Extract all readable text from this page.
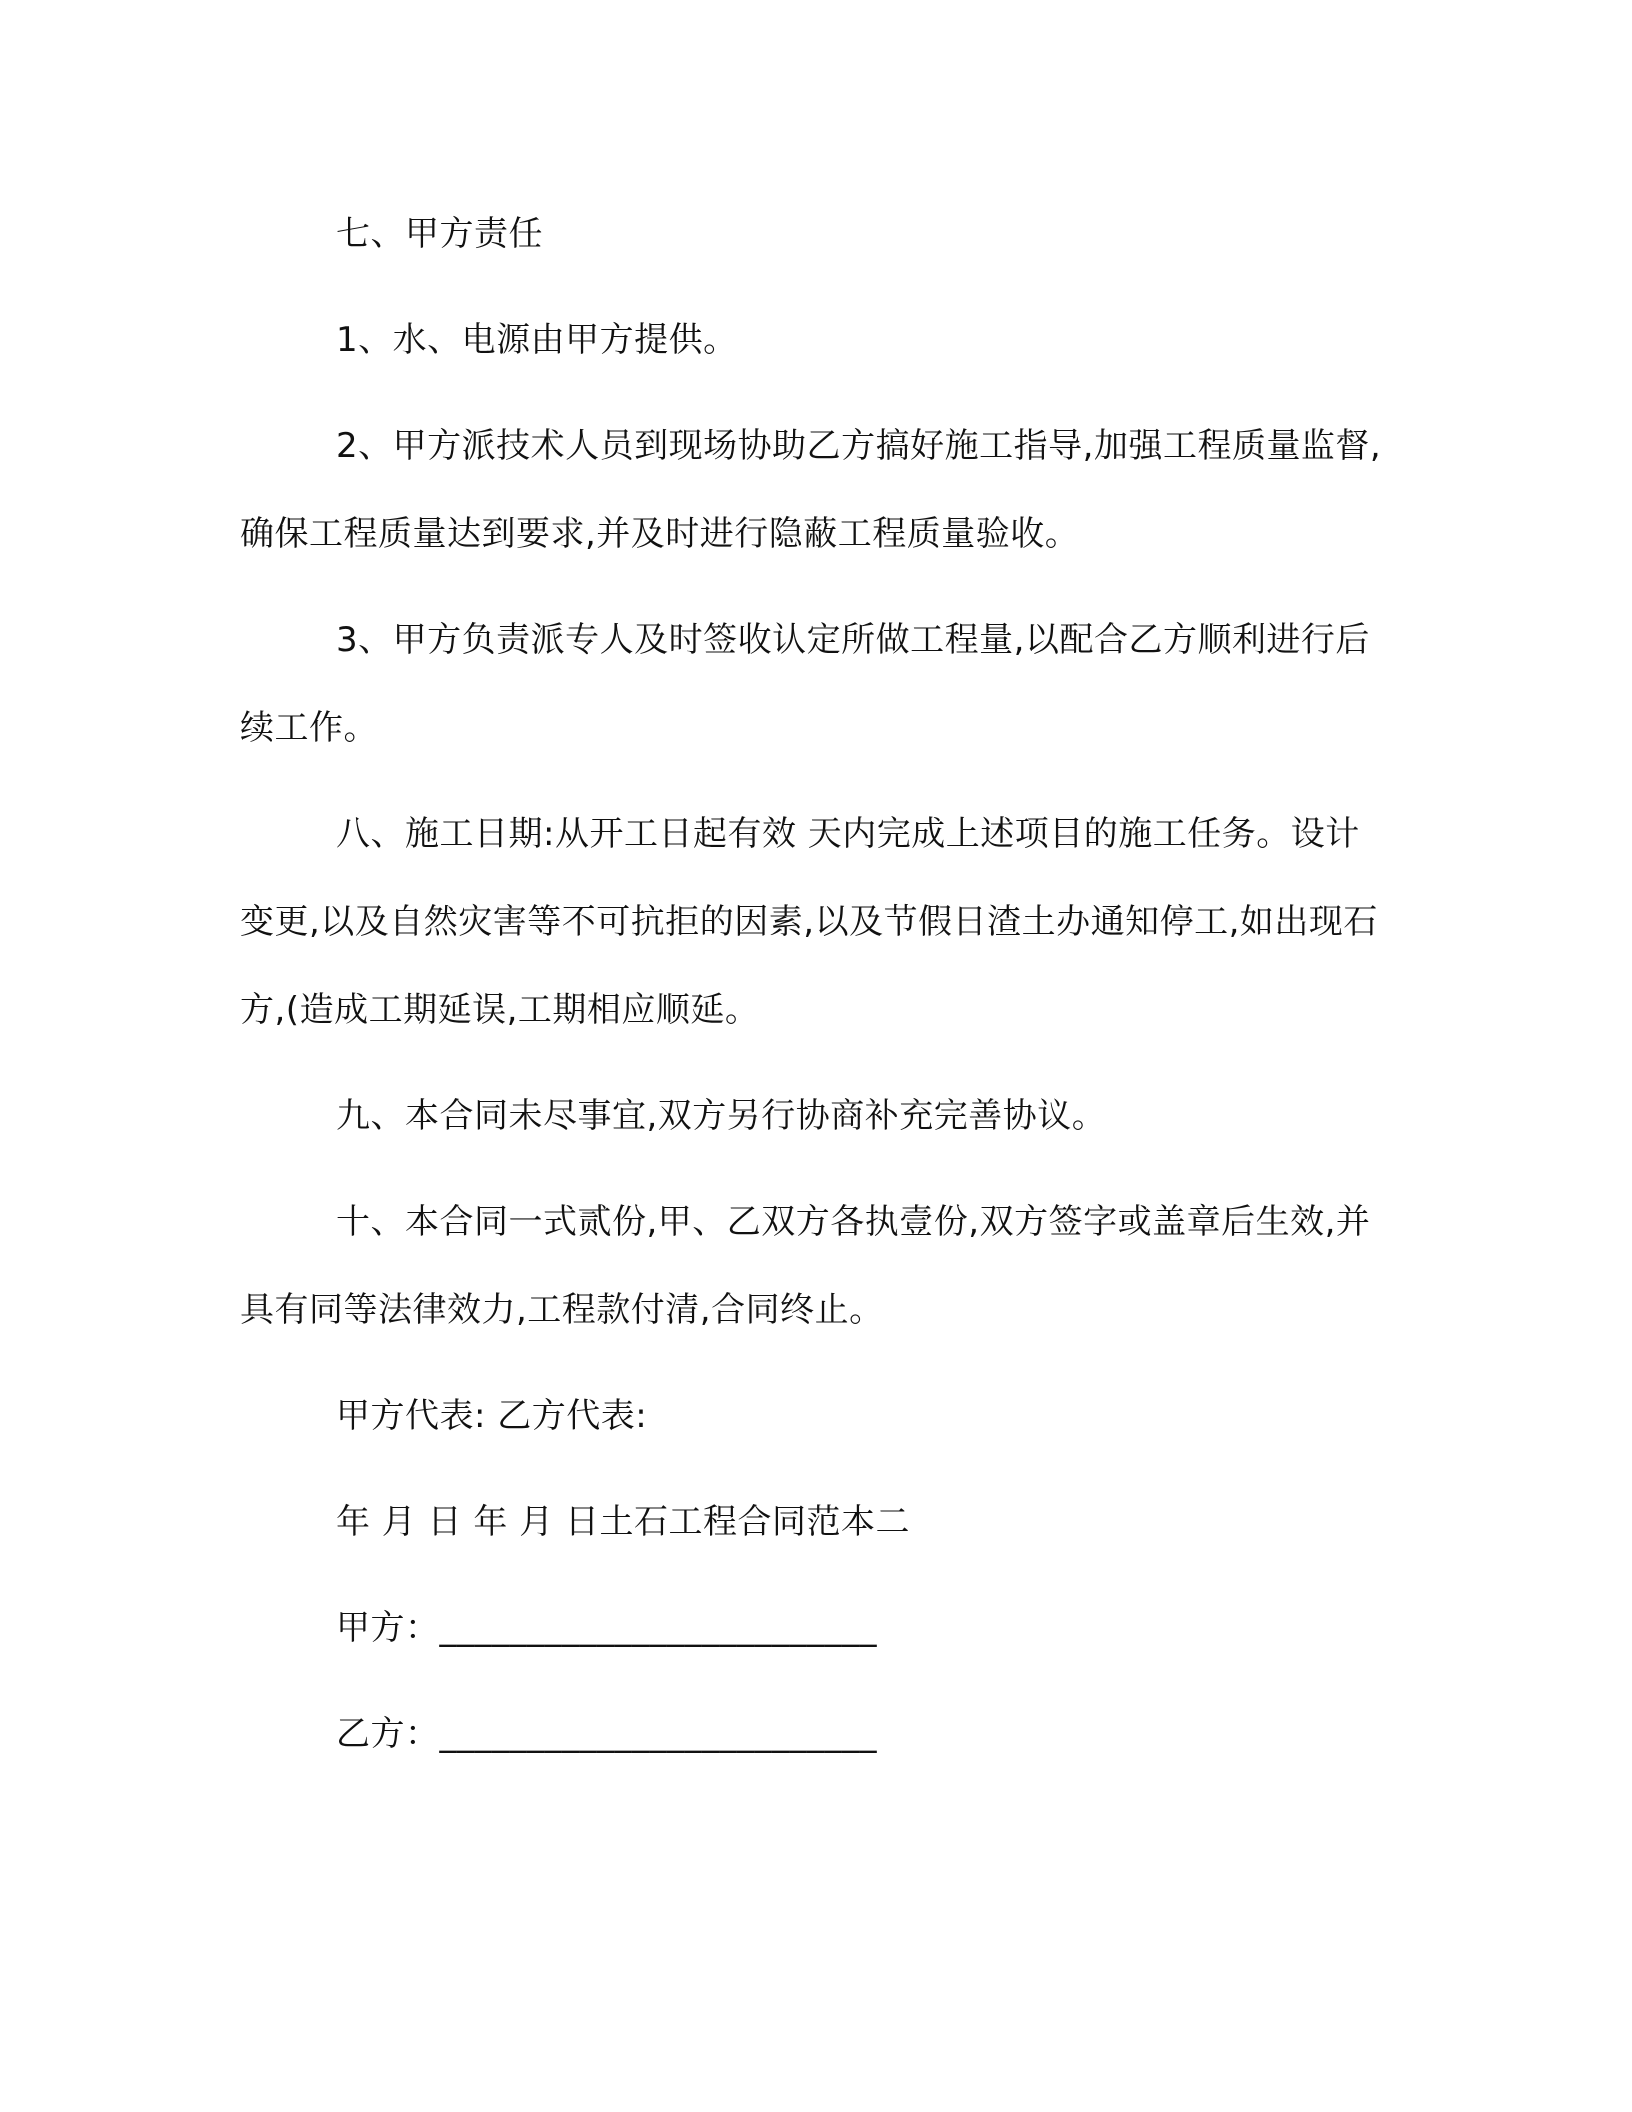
七、甲方责任

1、水、电源由甲方提供。

2、甲方派技术人员到现场协助乙方搞好施工指导,加强工程质量监督,确保工程质量达到要求,并及时进行隐蔽工程质量验收。

3、甲方负责派专人及时签收认定所做工程量,以配合乙方顺利进行后续工作。

八、施工日期:从开工日起有效 天内完成上述项目的施工任务。设计变更,以及自然灾害等不可抗拒的因素,以及节假日渣土办通知停工,如出现石方,(造成工期延误,工期相应顺延。

九、本合同未尽事宜,双方另行协商补充完善协议。

十、本合同一式贰份,甲、乙双方各执壹份,双方签字或盖章后生效,并具有同等法律效力,工程款付清,合同终止。

甲方代表: 乙方代表:

年 月 日 年 月 日土石工程合同范本二

甲方：_________________________

乙方：_________________________
